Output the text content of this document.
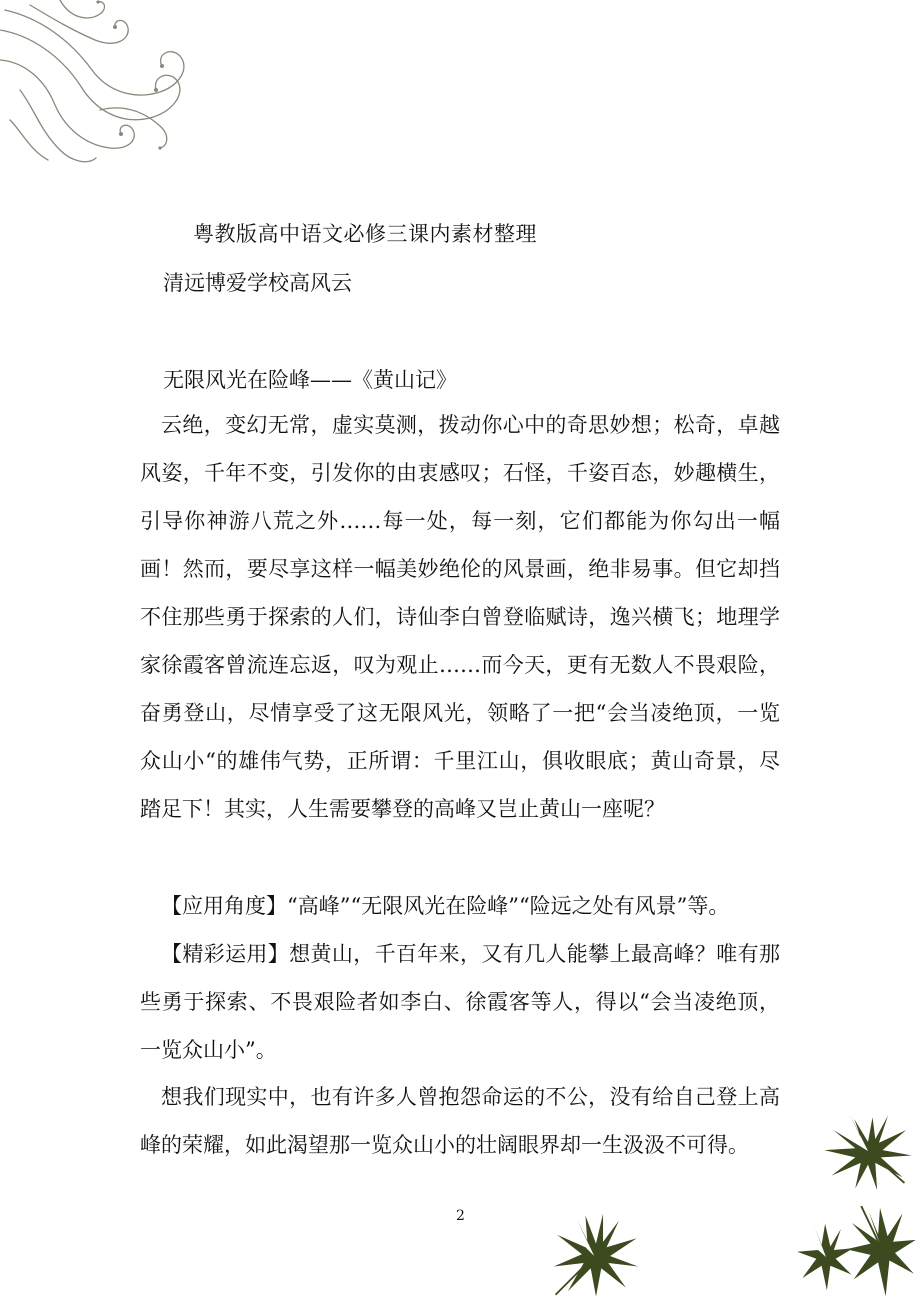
粤教版高中语文必修三课内素材整理
清远博爱学校高风云
无限风光在险峰——《黄山记》
云绝，变幻无常，虚实莫测，拨动你心中的奇思妙想；松奇，卓越风姿，千年不变，引发你的由衷感叹；石怪，千姿百态，妙趣横生，引导你神游八荒之外……每一处，每一刻，它们都能为你勾出一幅画！然而，要尽享这样一幅美妙绝伦的风景画，绝非易事。但它却挡不住那些勇于探索的人们，诗仙李白曾登临赋诗，逸兴横飞；地理学家徐霞客曾流连忘返，叹为观止……而今天，更有无数人不畏艰险，奋勇登山，尽情享受了这无限风光，领略了一把“会当凌绝顶，一览众山小“的雄伟气势，正所谓：千里江山，俱收眼底；黄山奇景，尽踏足下！其实，人生需要攀登的高峰又岂止黄山一座呢？
【应用角度】“高峰”“无限风光在险峰”“险远之处有风景”等。
【精彩运用】想黄山，千百年来，又有几人能攀上最高峰？唯有那些勇于探索、不畏艰险者如李白、徐霞客等人，得以“会当凌绝顶，一览众山小”。
想我们现实中，也有许多人曾抱怨命运的不公，没有给自己登上高峰的荣耀，如此渴望那一览众山小的壮阔眼界却一生汲汲不可得。
2
